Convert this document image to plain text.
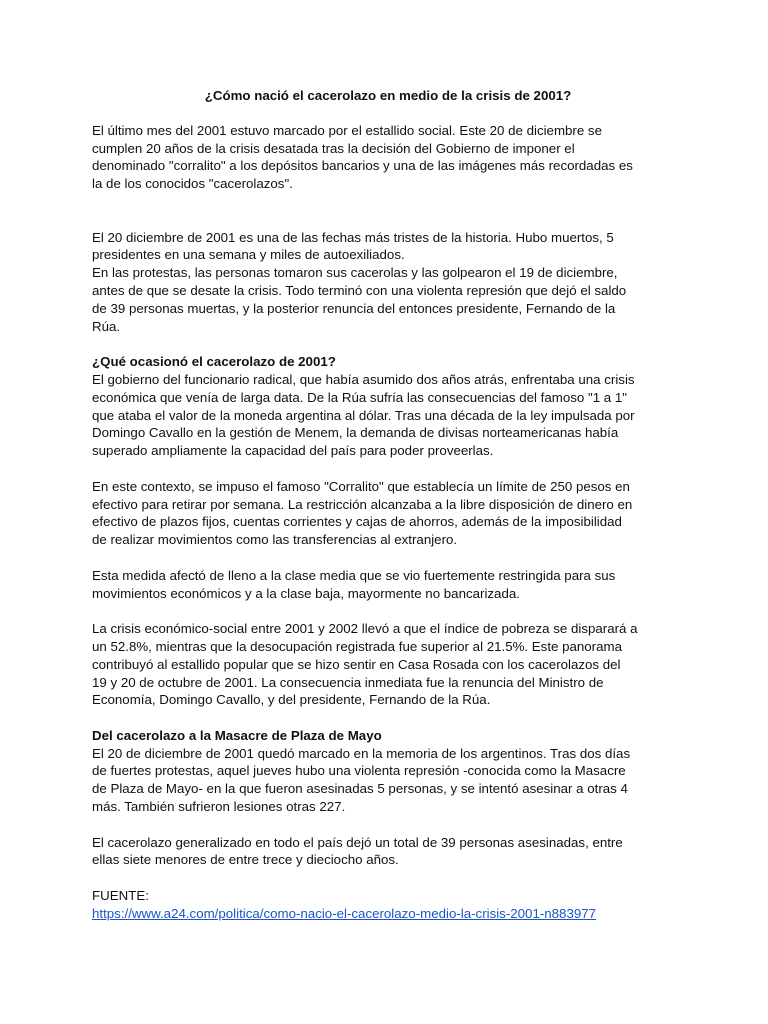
¿Cómo nació el cacerolazo en medio de la crisis de 2001?

El último mes del 2001 estuvo marcado por el estallido social. Este 20 de diciembre se

cumplen 20 años de la crisis desatada tras la decisión del Gobierno de imponer el

denominado "corralito" a los depósitos bancarios y una de las imágenes más recordadas es

la de los conocidos "cacerolazos".

El 20 diciembre de 2001 es una de las fechas más tristes de la historia. Hubo muertos, 5

presidentes en una semana y miles de autoexiliados.

En las protestas, las personas tomaron sus cacerolas y las golpearon el 19 de diciembre,

antes de que se desate la crisis. Todo terminó con una violenta represión que dejó el saldo

de 39 personas muertas, y la posterior renuncia del entonces presidente, Fernando de la

Rúa.

¿Qué ocasionó el cacerolazo de 2001?

El gobierno del funcionario radical, que había asumido dos años atrás, enfrentaba una crisis

económica que venía de larga data. De la Rúa sufría las consecuencias del famoso "1 a 1"

que ataba el valor de la moneda argentina al dólar. Tras una década de la ley impulsada por

Domingo Cavallo en la gestión de Menem, la demanda de divisas norteamericanas había

superado ampliamente la capacidad del país para poder proveerlas.

En este contexto, se impuso el famoso "Corralito" que establecía un límite de 250 pesos en

efectivo para retirar por semana. La restricción alcanzaba a la libre disposición de dinero en

efectivo de plazos fijos, cuentas corrientes y cajas de ahorros, además de la imposibilidad

de realizar movimientos como las transferencias al extranjero.

Esta medida afectó de lleno a la clase media que se vio fuertemente restringida para sus

movimientos económicos y a la clase baja, mayormente no bancarizada.

La crisis económico-social entre 2001 y 2002 llevó a que el índice de pobreza se disparará a

un 52.8%, mientras que la desocupación registrada fue superior al 21.5%. Este panorama

contribuyó al estallido popular que se hizo sentir en Casa Rosada con los cacerolazos del

19 y 20 de octubre de 2001. La consecuencia inmediata fue la renuncia del Ministro de

Economía, Domingo Cavallo, y del presidente, Fernando de la Rúa.

Del cacerolazo a la Masacre de Plaza de Mayo

El 20 de diciembre de 2001 quedó marcado en la memoria de los argentinos. Tras dos días

de fuertes protestas, aquel jueves hubo una violenta represión -conocida como la Masacre

de Plaza de Mayo- en la que fueron asesinadas 5 personas, y se intentó asesinar a otras 4

más. También sufrieron lesiones otras 227.

El cacerolazo generalizado en todo el país dejó un total de 39 personas asesinadas, entre

ellas siete menores de entre trece y dieciocho años.

FUENTE:

https://www.a24.com/politica/como-nacio-el-cacerolazo-medio-la-crisis-2001-n883977
